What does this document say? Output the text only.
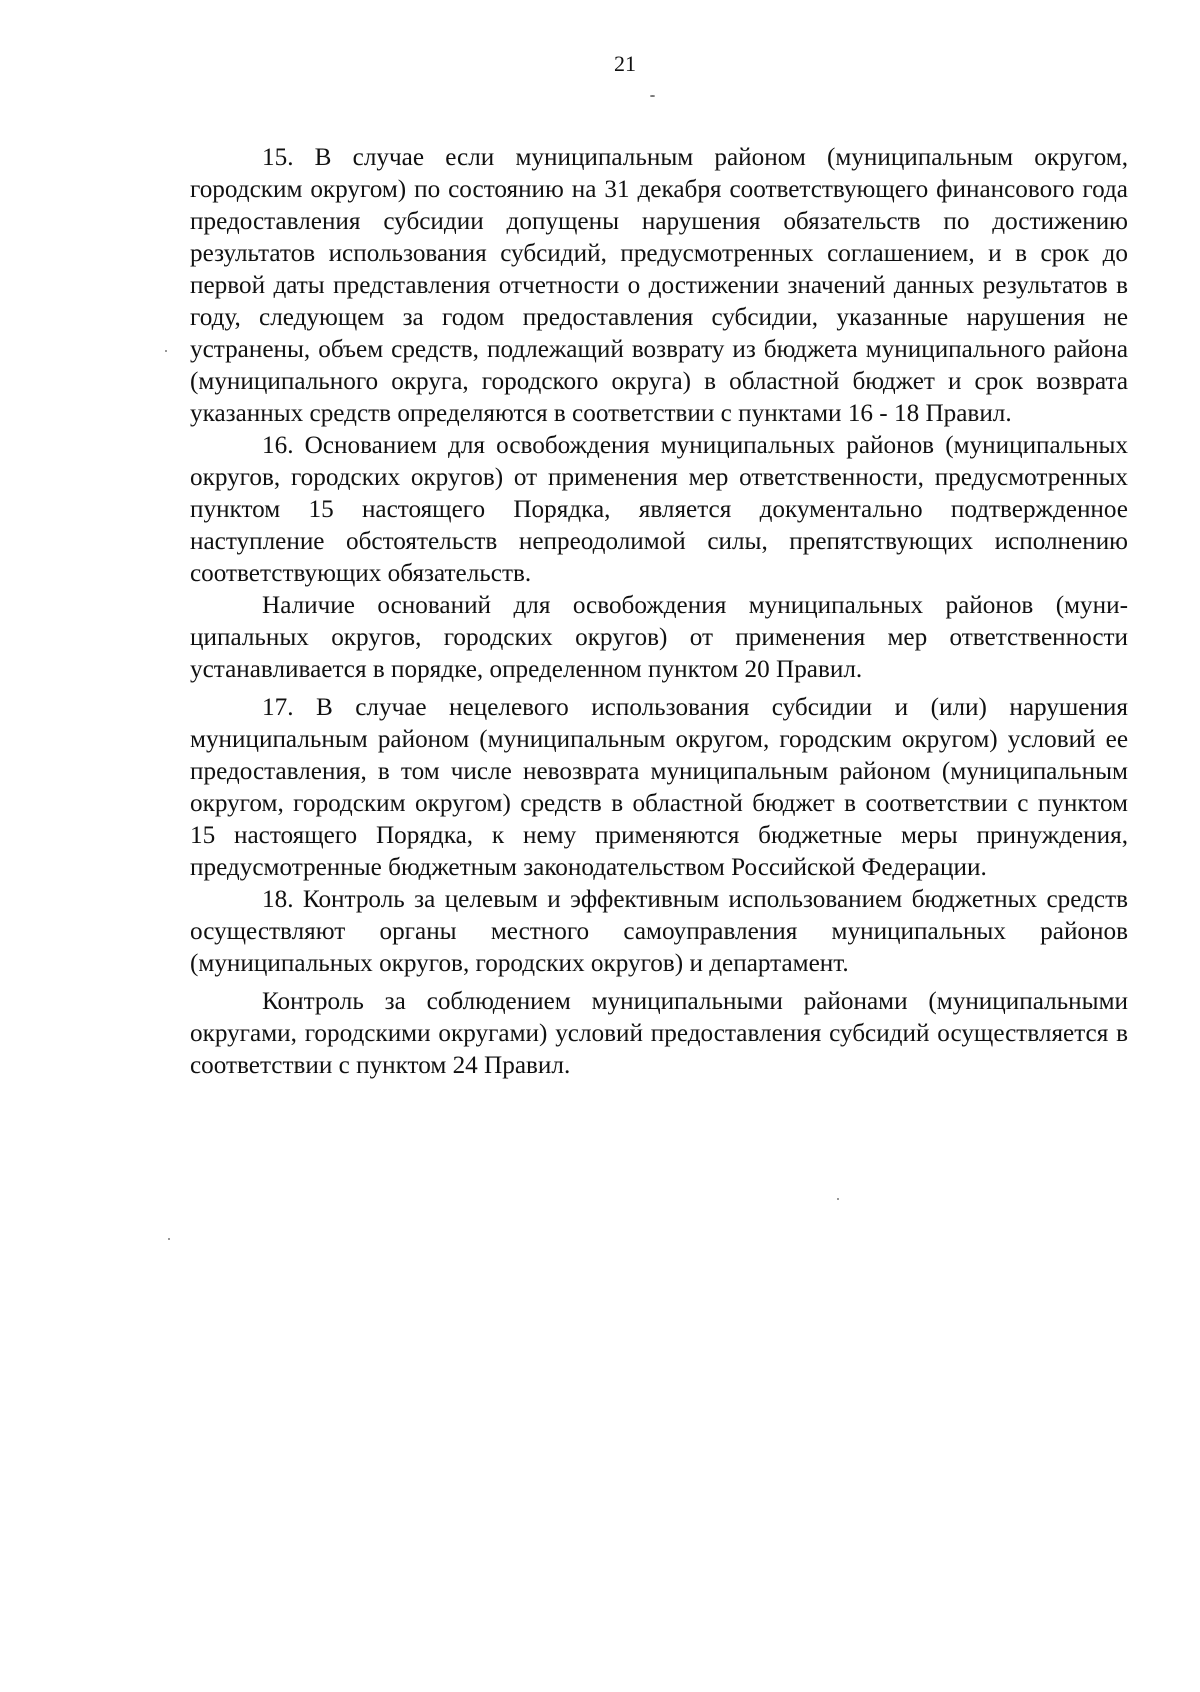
21

15. В случае если муниципальным районом (муниципальным округом, городским округом) по состоянию на 31 декабря соответствующего финансового года предоставления субсидии допущены нарушения обязательств по достижению результатов использования субсидий, предусмотренных соглашением, и в срок до первой даты представления отчетности о достижении значений данных результатов в году, следующем за годом предоставления субсидии, указанные нарушения не устранены, объем средств, подлежащий возврату из бюджета муниципального района (муниципального округа, городского округа) в областной бюджет и срок возврата указанных средств определяются в соответствии с пунктами 16 - 18 Правил.

16. Основанием для освобождения муниципальных районов (муниципальных округов, городских округов) от применения мер ответственности, предусмотренных пунктом 15 настоящего Порядка, является документально подтвержденное наступление обстоятельств непреодолимой силы, препятствующих исполнению соответствующих обязательств.

Наличие оснований для освобождения муниципальных районов (муниципальных округов, городских округов) от применения мер ответственности устанавливается в порядке, определенном пунктом 20 Правил.

17. В случае нецелевого использования субсидии и (или) нарушения муниципальным районом (муниципальным округом, городским округом) условий ее предоставления, в том числе невозврата муниципальным районом (муниципальным округом, городским округом) средств в областной бюджет в соответствии с пунктом 15 настоящего Порядка, к нему применяются бюджетные меры принуждения, предусмотренные бюджетным законодательством Российской Федерации.

18. Контроль за целевым и эффективным использованием бюджетных средств осуществляют органы местного самоуправления муниципальных районов (муниципальных округов, городских округов) и департамент.

Контроль за соблюдением муниципальными районами (муниципальными округами, городскими округами) условий предоставления субсидий осуществляется в соответствии с пунктом 24 Правил.
